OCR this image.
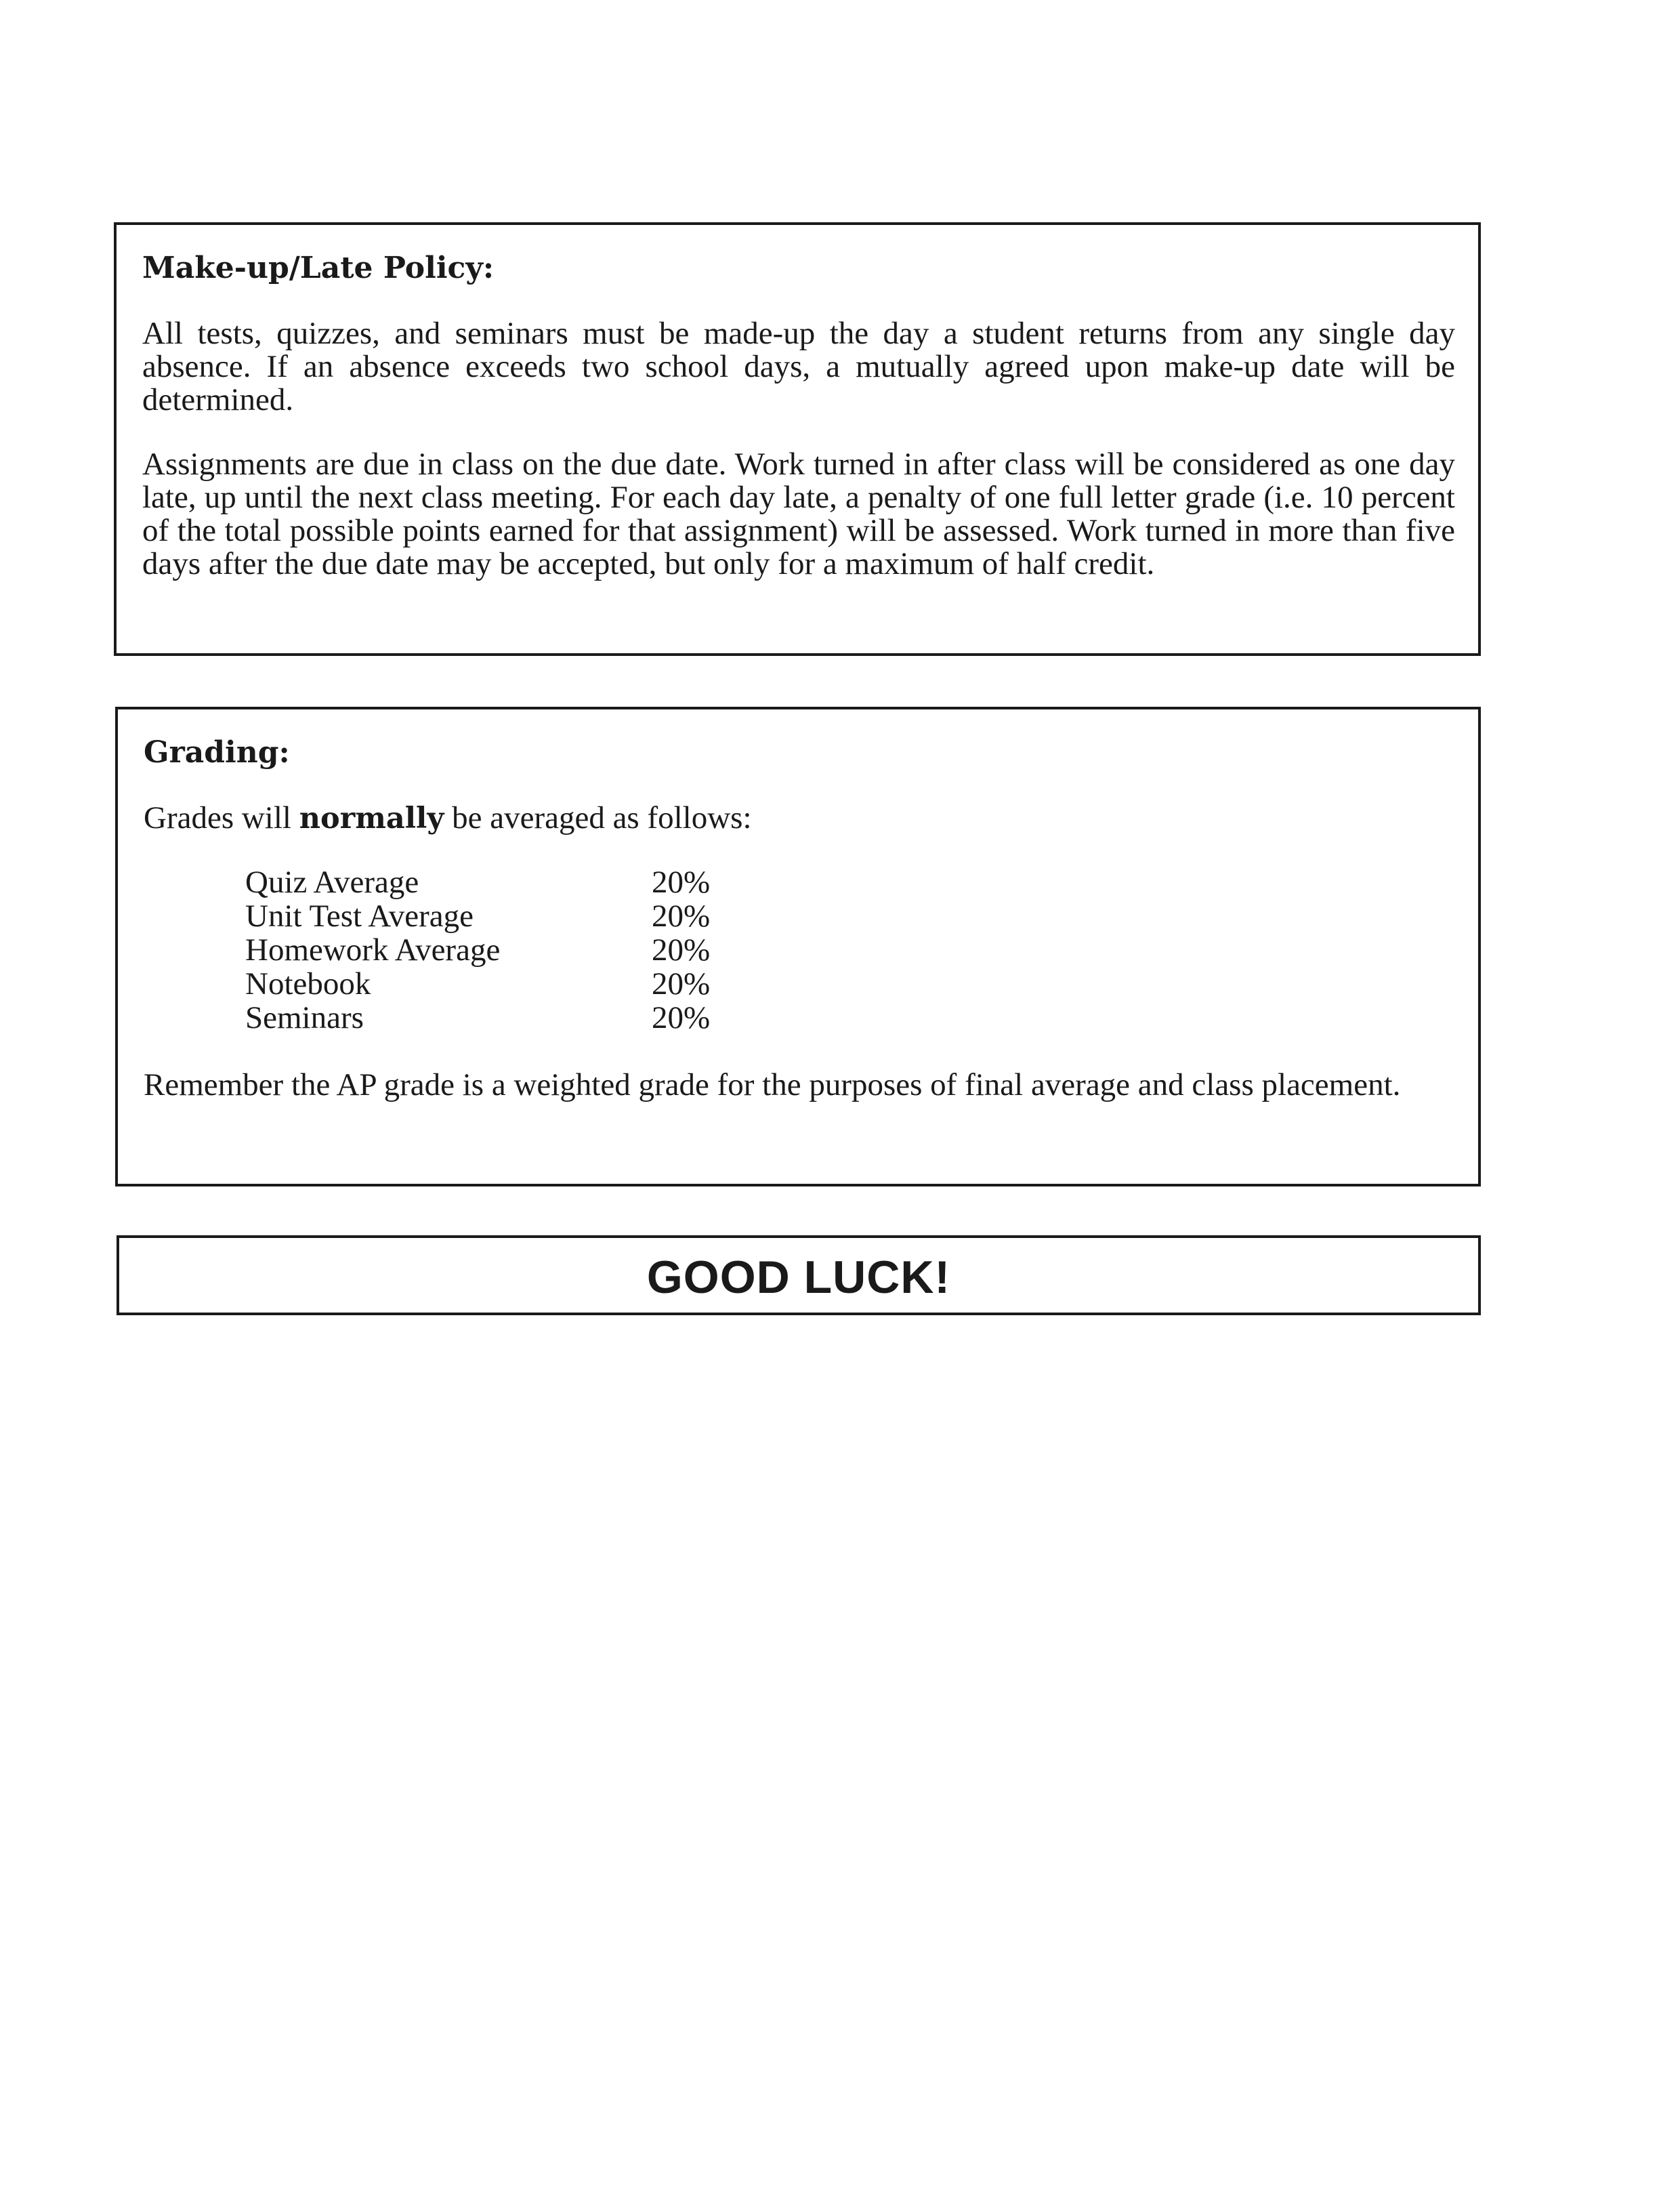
Make-up/Late Policy:

All tests, quizzes, and seminars must be made-up the day a student returns from any single day absence. If an absence exceeds two school days, a mutually agreed upon make-up date will be determined.

Assignments are due in class on the due date. Work turned in after class will be considered as one day late, up until the next class meeting. For each day late, a penalty of one full letter grade (i.e. 10 percent of the total possible points earned for that assignment) will be assessed. Work turned in more than five days after the due date may be accepted, but only for a maximum of half credit.

Grading:

Grades will normally be averaged as follows:

Quiz Average	20%
Unit Test Average	20%
Homework Average	20%
Notebook	20%
Seminars	20%

Remember the AP grade is a weighted grade for the purposes of final average and class placement.

GOOD LUCK!
